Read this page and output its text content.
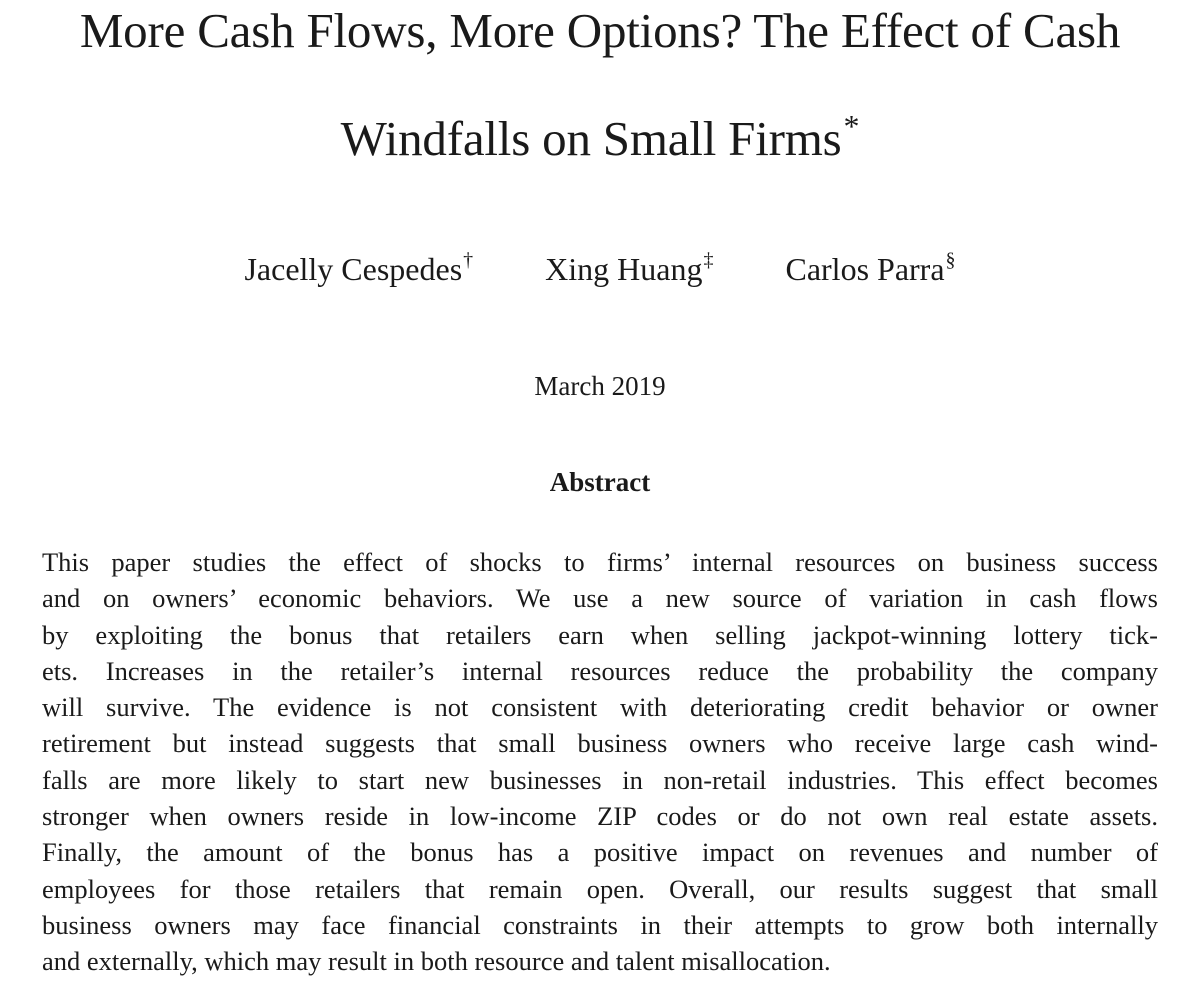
More Cash Flows, More Options? The Effect of Cash
Windfalls on Small Firms*
Jacelly Cespedes† Xing Huang‡ Carlos Parra§
March 2019
Abstract
This paper studies the effect of shocks to firms’ internal resources on business success
and on owners’ economic behaviors. We use a new source of variation in cash flows
by exploiting the bonus that retailers earn when selling jackpot-winning lottery tick-
ets. Increases in the retailer’s internal resources reduce the probability the company
will survive. The evidence is not consistent with deteriorating credit behavior or owner
retirement but instead suggests that small business owners who receive large cash wind-
falls are more likely to start new businesses in non-retail industries. This effect becomes
stronger when owners reside in low-income ZIP codes or do not own real estate assets.
Finally, the amount of the bonus has a positive impact on revenues and number of
employees for those retailers that remain open. Overall, our results suggest that small
business owners may face financial constraints in their attempts to grow both internally
and externally, which may result in both resource and talent misallocation.
